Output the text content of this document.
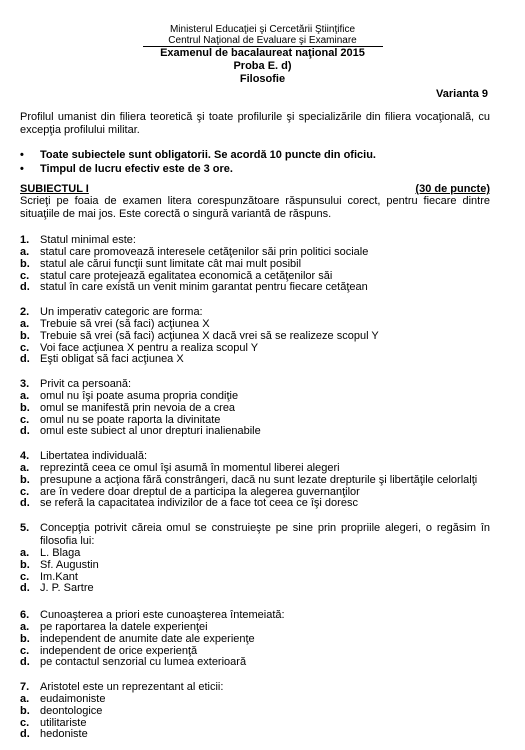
Ministerul Educaţiei şi Cercetării Ştiinţifice
Centrul Naţional de Evaluare şi Examinare
Examenul de bacalaureat naţional 2015
Proba E. d)
Filosofie
Varianta 9
Profilul umanist din filiera teoretică şi toate profilurile şi specializările din filiera vocaţională, cu excepţia profilului militar.
•	Toate subiectele sunt obligatorii. Se acordă 10 puncte din oficiu.
•	Timpul de lucru efectiv este de 3 ore.
SUBIECTUL I	(30 de puncte)
Scrieţi pe foaia de examen litera corespunzătoare răspunsului corect, pentru fiecare dintre situaţiile de mai jos. Este corectă o singură variantă de răspuns.
1. Statul minimal este:
a. statul care promovează interesele cetăţenilor săi prin politici sociale
b. statul ale cărui funcţii sunt limitate cât mai mult posibil
c. statul care protejează egalitatea economică a cetăţenilor săi
d. statul în care există un venit minim garantat pentru fiecare cetăţean
2. Un imperativ categoric are forma:
a. Trebuie să vrei (să faci) acţiunea X
b. Trebuie să vrei (să faci) acţiunea X dacă vrei să se realizeze scopul Y
c. Voi face acţiunea X pentru a realiza scopul Y
d. Eşti obligat să faci acţiunea X
3. Privit ca persoană:
a. omul nu îşi poate asuma propria condiţie
b. omul se manifestă prin nevoia de a crea
c. omul nu se poate raporta la divinitate
d. omul este subiect al unor drepturi inalienabile
4. Libertatea individuală:
a. reprezintă ceea ce omul îşi asumă în momentul liberei alegeri
b. presupune a acţiona fără constrângeri, dacă nu sunt lezate drepturile şi libertăţile celorlalţi
c. are în vedere doar dreptul de a participa la alegerea guvernanţilor
d. se referă la capacitatea indivizilor de a face tot ceea ce îşi doresc
5. Concepţia potrivit căreia omul se construieşte pe sine prin propriile alegeri, o regăsim în filosofia lui:
a. L. Blaga
b. Sf. Augustin
c. Im.Kant
d. J. P. Sartre
6. Cunoaşterea a priori este cunoaşterea întemeiată:
a. pe raportarea la datele experienţei
b. independent de anumite date ale experienţe
c. independent de orice experienţă
d. pe contactul senzorial cu lumea exterioară
7. Aristotel este un reprezentant al eticii:
a. eudaimoniste
b. deontologice
c. utilitariste
d. hedoniste
